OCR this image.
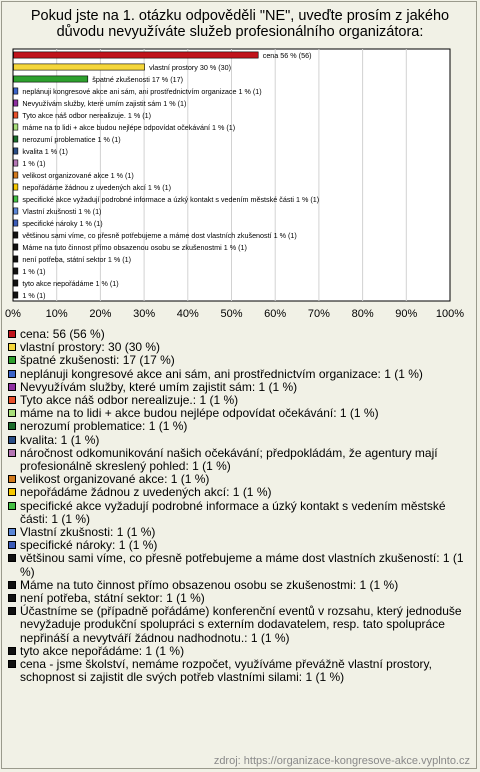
Pokud jste na 1. otázku odpověděli "NE", uveďte prosím z jakého důvodu nevyužíváte služeb profesionálního organizátora:
0% 10% 20% 30% 40% 50% 60% 70% 80% 90% 100%
cena 56 % (56)
vlastní prostory 30 % (30)
špatné zkušenosti 17 % (17)
neplánuji kongresové akce ani sám, ani prostřednictvím organizace 1 % (1)
Nevyužívám služby, které umím zajistit sám 1 % (1)
Tyto akce náš odbor nerealizuje. 1 % (1)
máme na to lidi + akce budou nejlépe odpovídat očekávání 1 % (1)
nerozumí problematice 1 % (1)
kvalita 1 % (1)
1 % (1)
velikost organizované akce 1 % (1)
nepořádáme žádnou z uvedených akcí 1 % (1)
specifické akce vyžadují podrobné informace a úzký kontakt s vedením městské části 1 % (1)
Vlastní zkušnosti 1 % (1)
specifické nároky 1 % (1)
většinou sami víme, co přesně potřebujeme a máme dost vlastních zkušeností 1 % (1)
Máme na tuto činnost přímo obsazenou osobu se zkušenostmi 1 % (1)
není potřeba, státní sektor 1 % (1)
1 % (1)
tyto akce nepořádáme 1 % (1)
1 % (1)
cena: 56 (56 %)
vlastní prostory: 30 (30 %)
špatné zkušenosti: 17 (17 %)
neplánuji kongresové akce ani sám, ani prostřednictvím organizace: 1 (1 %)
Nevyužívám služby, které umím zajistit sám: 1 (1 %)
Tyto akce náš odbor nerealizuje.: 1 (1 %)
máme na to lidi + akce budou nejlépe odpovídat očekávání: 1 (1 %)
nerozumí problematice: 1 (1 %)
kvalita: 1 (1 %)
náročnost odkomunikování našich očekávání; předpokládám, že agentury mají profesionálně skreslený pohled: 1 (1 %)
velikost organizované akce: 1 (1 %)
nepořádáme žádnou z uvedených akcí: 1 (1 %)
specifické akce vyžadují podrobné informace a úzký kontakt s vedením městské části: 1 (1 %)
Vlastní zkušnosti: 1 (1 %)
specifické nároky: 1 (1 %)
většinou sami víme, co přesně potřebujeme a máme dost vlastních zkušeností: 1 (1 %)
Máme na tuto činnost přímo obsazenou osobu se zkušenostmi: 1 (1 %)
není potřeba, státní sektor: 1 (1 %)
Účastníme se (případně pořádáme) konferenční eventů v rozsahu, který jednoduše nevyžaduje produkční spolupráci s externím dodavatelem, resp. tato spolupráce nepřináší a nevytváří žádnou nadhodnotu.: 1 (1 %)
tyto akce nepořádáme: 1 (1 %)
cena - jsme školství, nemáme rozpočet, využíváme převážně vlastní prostory, schopnost si zajistit dle svých potřeb vlastními silami: 1 (1 %)
zdroj: https://organizace-kongresove-akce.vyplnto.cz
